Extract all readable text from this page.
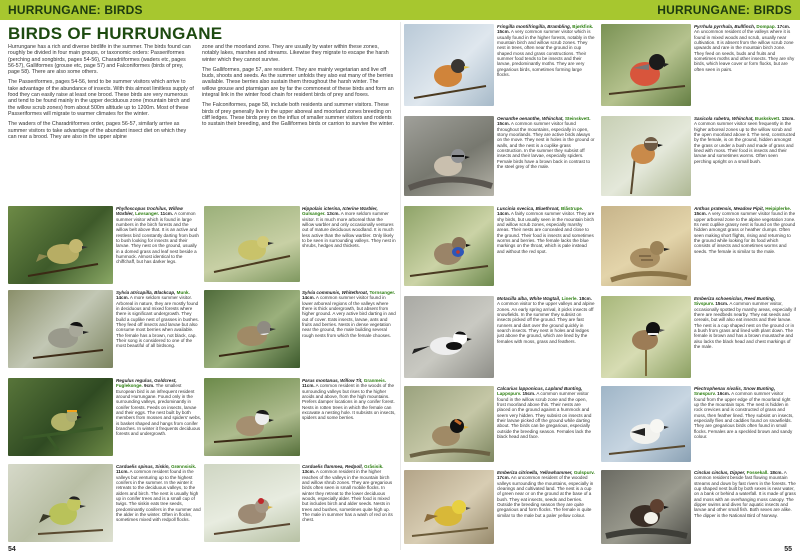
HURRUNGANE: BIRDS	HURRUNGANE: BIRDS
BIRDS OF HURRUNGANE

Hurrungane has a rich and diverse birdlife in the summer. The birds found can roughly be divided in four main groups, or taxonomic orders: Passeriformes (perching and songbirds, pages 54-56), Charadriiformes (waders etc, pages 56-57), Galliformes (grouse etc, page 57) and Falconiformes (birds of prey, page 58). There are also some others.

The Passeriformes, pages 54-56, tend to be summer visitors which arrive to take advantage of the abundance of insects. With this almost limitless supply of food they can easily raise at least one brood. These birds are very numerous and tend to be found mainly in the upper deciduous zone (mountain birch and the willow scrub zones) from about 500m altitude up to 1200m. Most of these Passeriformes will migrate to warmer climates for the winter.

The waders of the Charadriiformes order, pages 56-57, similarly arrive as summer visitors to take advantage of the abundant insect diet on which they can rear a brood. They are also in the upper alpine

zone and the moorland zone. They are usually by water within these zones, notably lakes, marshes and streams. Likewise they migrate to escape the harsh winter which they cannot survive.

The Galliformes, page 57, are resident. They are mainly vegetarian and live off buds, shoots and seeds. As the summer unfolds they also eat many of the berries available. These berries also sustain them throughout the harsh winter. The willow grouse and ptarmigan are by far the commonest of these birds and form an integral link in the winter food chain for resident birds of prey and foxes.

The Falconiformes, page 58, include both residents and summer visitors. These birds of prey generally live in the upper aboreal and moorland zones breeding on cliff ledges. These birds prey on the influx of smaller summer visitors and rodents to sustain their breeding, and the Galliformes birds or carrion to survive the winter.

Phylloscopus trochilus, Willow Warbler, Løvsanger. 11cm. A common summer visitor which is found in large numbers in the birch forests and the willow belt above that. It is an active and restless bird constantly darting from bush to bush looking for insects and their larvae. They nest on the ground, usually in a domed grass and leaf nest beside a hummock. Almost identical to the chiffchaff, but has darker legs.
Hippolais icterina, Icterine Warbler, Gulsanger. 13cm. A more seldom summer visitor. It is much more arboreal than the willow warbler and only occasionally ventures out of mature deciduous woodland. It is much less active than the willow warbler. Only likely to be seen in surrounding valleys. They nest in shrubs, hedges and thickets.
Sylvia atricapilla, Blackcap, Munk. 14cm. A more seldom summer visitor. Arboreal in nature, they are mostly found in deciduous and mixed forests where there is significant undergrowth. They build a cuplike nest of grasses in bushes. They feed off insects and larvae but also consume most berries when available. The female has a brown, not black, cap. Their song is considered to one of the most beautiful of all birdsong.
Sylvia communis, Whitethroat, Tornsanger. 14cm. A common summer visitor found in lower arboreal regions of the valleys where there is thick undergrowth, but absent from higher ground. A very active bird darting in and out of cover. Eats insects, larvae, ants and fruits and berries. Nests in dense vegetation near the ground, the male building several rough nests from which the female chooses.
Regulus regulus, Goldcrest, Fuglekonge. 9cm. The smallest European bird is an infrequent resident around Hurrungane. Found only in the surrounding valleys, predominantly in conifer forests. Feeds on insects, larvae and their eggs. The nest built by both members from mosses and spiders' webs, is basket shaped and hangs from conifer branches. In winter it frequents deciduous forests and undergrowth.
Parus montanus, Willow Tit, Granmeis. 11cm. A common resident in the woods of the surrounding valleys but rises to the higher aroids and above, from the high mountains. Prefers damper locations in any conifer forest. Nests in rotten trees in which the female can excavate a nesting hole. It subsists on insects, spiders and some berries.
Carduelis spinus, Siskin, Grønnsisik. 11cm. A common resident found in the valleys but venturing up to the highest conifers in the summer. In the winter it retreats to the deciduous valleys, to the alders and birch. The nest is usually high up in conifer trees and is a small cup of twigs. The siskin eats tree seeds, predominantly conifers in the summer and the alder in the winter. Often in flocks, sometimes mixed with redpoll flocks.
Carduelis flammea, Redpoll, Gråsisik. 13cm. A common resident in the higher reaches of the valleys in the mountain birch and willow shrub zones. They are gregarious birds often seen in small mobile flocks. In winter they retreat to the lower deciduous woods, especially alder. Their food is mixed but includes birch and alder seeds. Nests in trees and bushes, sometimes quite high up. The male in summer has a wash of red on its chest.
Fringilla montifringilla, Brambling, Bjørkfink. 15cm. A very common summer visitor which is usually found in the higher forests, notably in the mountain birch and willow scrub zones. They nest in trees, often near the ground in cup shaped moss and grass constructions. Their summer food tends to be insects and their larvae, predominantly moths. They are very gregarious birds, sometimes forming large flocks.
Pyrrhula pyrrhula, Bullfinch, Dompap. 17cm. An uncommon resident of the valleys where it is found in mixed woods and scrub, usually near cultivation. It is absent from the willow scrub zone upwards and rare in the mountain birch zone. They feed on seeds, buds and fruits and sometimes moths and other insects. They are shy birds, which leave cover or form flocks, but are often seen in pairs.
Oenanthe oenanthe, Whinchat, Steinskvett. 15cm. A common summer visitor found throughout the mountains, especially in open, stony moorlands. They are active birds always on the move. They nest in holes in the ground or walls, and the nest is a cuplike grass construction. In the summer they subsist off insects and their larvae, especially spiders. Female birds have a brown back in contrast to the steel grey of the male.
Saxicola rubetra, Whinchat, Buskskvett. 13cm. A common summer visitor seen frequently in the higher arboreal zones up to the willow scrub and the open moorland above it. The nest, constructed by the female, is on the ground, hidden amongst the grass or under a bush and made of grass and lined with moss. Their food is insects and their larvae and sometimes worms. Often seen perching upright on a small bush.
Luscinia svecica, Bluethroat, Blåstrupe. 14cm. A fairly common summer visitor. They are shy birds, but usually seen in the mountain birch and willow scrub zones, especially marshy areas. Their nests are concealed and close to the ground. Their food is insects and sometimes worms and berries. The female lacks the blue markings on the throat, which is pale instead and without the red spot.
Anthus pratensis, Meadow Pipit, Heipiplerke. 15cm. A very common summer visitor found in the upper arboreal zone to the alpine vegetation zone. Its nest cuplike grassy nest is found on the ground hidden amongst grass or heather clumps. Often seen making short flights, rising and returning to the ground while looking for its food which consists of insects and sometimes worms and seeds. The female is similar to the male.
Motacilla alba, White Wagtail, Linerle. 18cm. A common visitor to the upper valleys and alpine zones. An early spring arrival, it picks insects off snowfields. In the summer they subsist on insects picked off the ground. They are fast runners and dart over the ground quickly in search insects. They nest in holes and ledges just above the ground, which are lined by the females with moss, grass and feathers.
Emberiza schoeniclus, Reed Bunting, Sivspurv. 15cm. A common summer visitor, occasionally spotted by marshy areas, especially if there are reedbeds nearby. They eat seeds and cereals, but will also eat insects and their larvae. The nest is a cup shaped nest on the ground or in a bush from grass and lined with plant down. The female is brown and has a brown moustache and also lacks the black head and chest markings of the male.
Calcarius lapponicus, Lapland Bunting, Lappspurv. 15cm. A common summer visitor found in the willow scrub zone and the open, frost moorland above this. Their nests are placed on the ground against a hummock and seem very hidden. They subsist on insects and their larvae picked off the ground while darting about. The birds can be gregarious, especially outside the breeding season. Females lack the black head and face.
Plectrophenax nivalis, Snow Bunting, Snøspurv. 16cm. A common summer visitor found from the upper edge of the moorland right up the the mountain tops. The nest is hidden in rock crevices and is constructed of grass and moss, then feather lined. They subsist on insects, especially flies and caddies found on snowfields. They are gregarious birds often found in small flocks. Females are a speckled brown and sandy colour.
Emberiza citrinella, Yellowhammer, Gulspurv. 17cm. An uncommon resident of the wooded valleys surrounding the mountains, especially in clearings and cultivated land. The nest is a cup of green near or on the ground at the base of a bush. They eat insects, seeds and berries. Outside the breeding season they are quite gregarious and form flocks. The female is quite similar to the male but a paler yellow colour.
Cinclus cinclus, Dipper, Fossekall. 18cm. A common resident beside fast flowing mountain streams and down by fast rivers in the forests. The cup shaped nest built by both sexes is near water, on a bank or behind a waterfall. It is made of grass and moss with an overhanging moss canopy. The dipper swims and dives for aquatic insects and larvae and other small fish. Both sexes are alike. The dipper is the National Bird of Norway.
54	55
